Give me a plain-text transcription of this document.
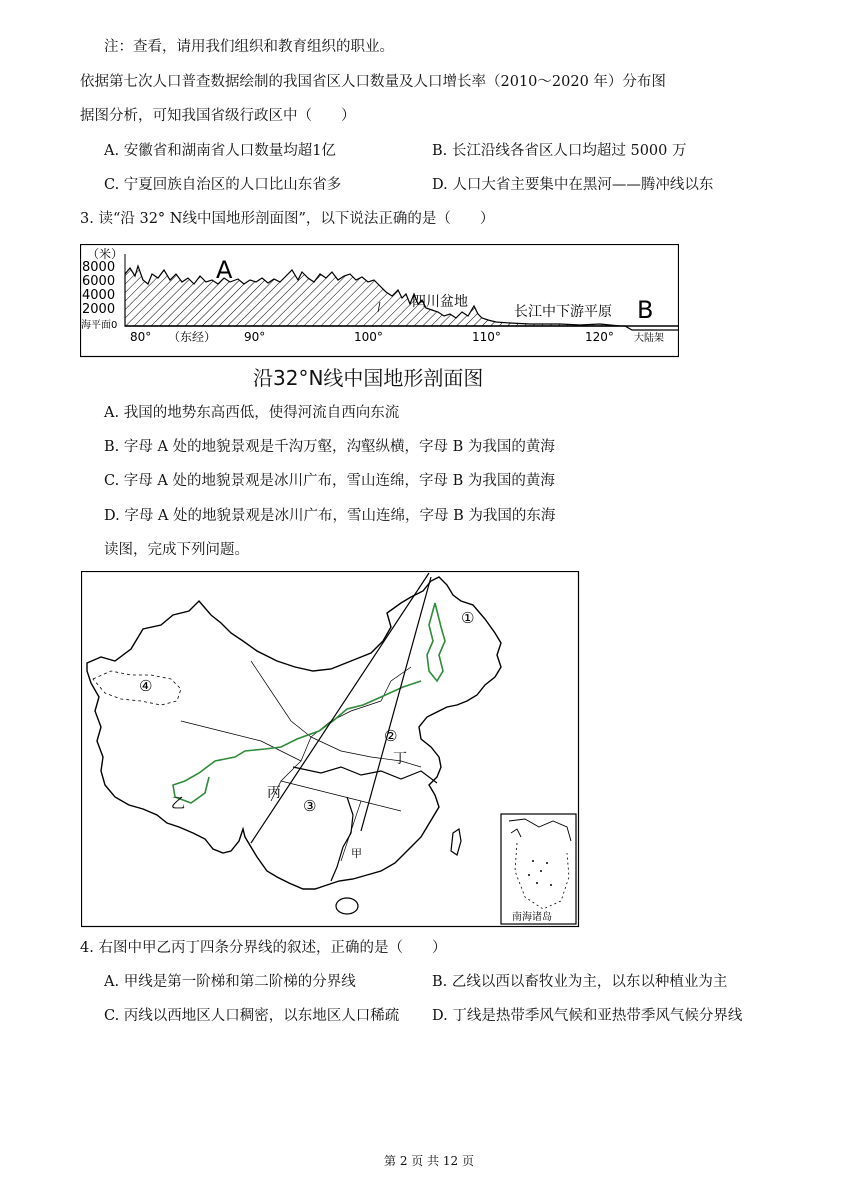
注：查看，请用我们组织和教育组织的职业。
依据第七次人口普查数据绘制的我国省区人口数量及人口增长率（2010～2020 年）分布图
据图分析，可知我国省级行政区中（　　）
A. 安徽省和湖南省人口数量均超1亿	B. 长江沿线各省区人口均超过 5000 万
C. 宁夏回族自治区的人口比山东省多	D. 人口大省主要集中在黑河——腾冲线以东
3. 读“沿 32° N线中国地形剖面图”，以下说法正确的是（　　）
（米）
8000
6000
4000
2000
海平面0
80° （东经） 90°	100°	110°	120°
A
四川盆地
长江中下游平原 B
大陆架
沿32°N线中国地形剖面图
A. 我国的地势东高西低，使得河流自西向东流
B. 字母 A 处的地貌景观是千沟万壑，沟壑纵横，字母 B 为我国的黄海
C. 字母 A 处的地貌景观是冰川广布，雪山连绵，字母 B 为我国的黄海
D. 字母 A 处的地貌景观是冰川广布，雪山连绵，字母 B 为我国的东海
读图，完成下列问题。
①
②
③
④
乙
丙
丁
甲
南海诸岛
4. 右图中甲乙丙丁四条分界线的叙述，正确的是（　　）
A. 甲线是第一阶梯和第二阶梯的分界线	B. 乙线以西以畜牧业为主，以东以种植业为主
C. 丙线以西地区人口稠密，以东地区人口稀疏 D. 丁线是热带季风气候和亚热带季风气候分界线
第 2 页 共 12 页
